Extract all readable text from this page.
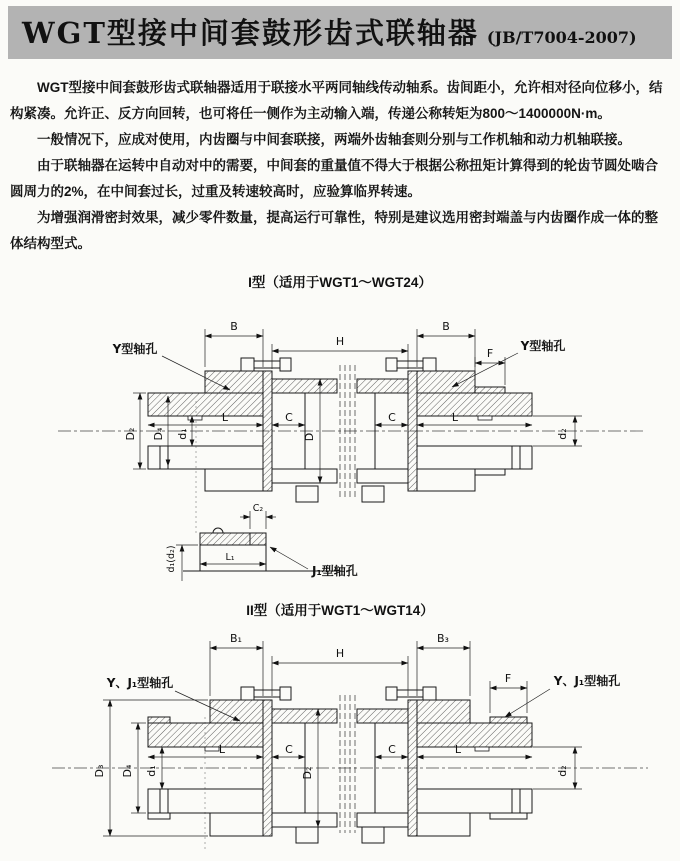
WGT型接中间套鼓形齿式联轴器 (JB/T7004-2007)

WGT型接中间套鼓形齿式联轴器适用于联接水平两同轴线传动轴系。齿间距小，允许相对径向位移小，结构紧凑。允许正、反方向回转，也可将任一侧作为主动输入端，传递公称转矩为800～1400000N·m。

一般情况下，应成对使用，内齿圈与中间套联接，两端外齿轴套则分别与工作机轴和动力机轴联接。

由于联轴器在运转中自动对中的需要，中间套的重量值不得大于根据公称扭矩计算得到的轮齿节圆处啮合圆周力的2%，在中间套过长，过重及转速较高时，应验算临界转速。

为增强润滑密封效果，减少零件数量，提高运行可靠性，特别是建议选用密封端盖与内齿圈作成一体的整体结构型式。

I型（适用于WGT1～WGT24）
B
H
B
F
Y型轴孔	Y型轴孔
D₂ D₄ d₁
L	C
D
C	L
d₂
C₂
L₁
d₁(d₂)	J₁型轴孔
II型（适用于WGT1～WGT14）
B₁
H
B₃
F
Y、J₁型轴孔	Y、J₁型轴孔
D₃ D₄ d₁	D₂
L	C	C	L
d₂
